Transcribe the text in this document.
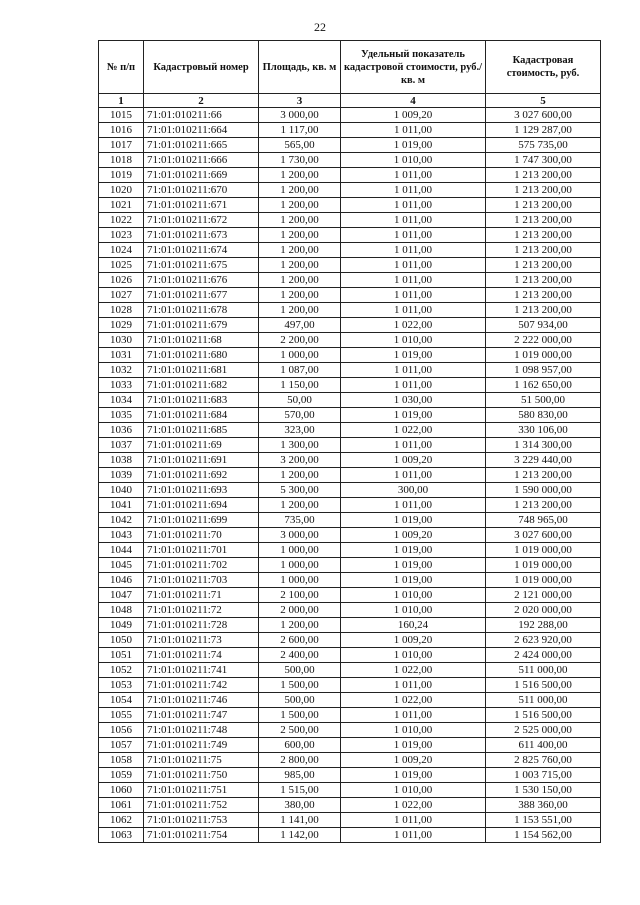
22
№ п/п	Кадастровый номер	Площадь, кв. м	Удельный показатель кадастровой стоимости, руб./кв. м	Кадастровая стоимость, руб.
1	2	3	4	5
1015	71:01:010211:66	3 000,00	1 009,20	3 027 600,00
1016	71:01:010211:664	1 117,00	1 011,00	1 129 287,00
1017	71:01:010211:665	565,00	1 019,00	575 735,00
1018	71:01:010211:666	1 730,00	1 010,00	1 747 300,00
1019	71:01:010211:669	1 200,00	1 011,00	1 213 200,00
1020	71:01:010211:670	1 200,00	1 011,00	1 213 200,00
1021	71:01:010211:671	1 200,00	1 011,00	1 213 200,00
1022	71:01:010211:672	1 200,00	1 011,00	1 213 200,00
1023	71:01:010211:673	1 200,00	1 011,00	1 213 200,00
1024	71:01:010211:674	1 200,00	1 011,00	1 213 200,00
1025	71:01:010211:675	1 200,00	1 011,00	1 213 200,00
1026	71:01:010211:676	1 200,00	1 011,00	1 213 200,00
1027	71:01:010211:677	1 200,00	1 011,00	1 213 200,00
1028	71:01:010211:678	1 200,00	1 011,00	1 213 200,00
1029	71:01:010211:679	497,00	1 022,00	507 934,00
1030	71:01:010211:68	2 200,00	1 010,00	2 222 000,00
1031	71:01:010211:680	1 000,00	1 019,00	1 019 000,00
1032	71:01:010211:681	1 087,00	1 011,00	1 098 957,00
1033	71:01:010211:682	1 150,00	1 011,00	1 162 650,00
1034	71:01:010211:683	50,00	1 030,00	51 500,00
1035	71:01:010211:684	570,00	1 019,00	580 830,00
1036	71:01:010211:685	323,00	1 022,00	330 106,00
1037	71:01:010211:69	1 300,00	1 011,00	1 314 300,00
1038	71:01:010211:691	3 200,00	1 009,20	3 229 440,00
1039	71:01:010211:692	1 200,00	1 011,00	1 213 200,00
1040	71:01:010211:693	5 300,00	300,00	1 590 000,00
1041	71:01:010211:694	1 200,00	1 011,00	1 213 200,00
1042	71:01:010211:699	735,00	1 019,00	748 965,00
1043	71:01:010211:70	3 000,00	1 009,20	3 027 600,00
1044	71:01:010211:701	1 000,00	1 019,00	1 019 000,00
1045	71:01:010211:702	1 000,00	1 019,00	1 019 000,00
1046	71:01:010211:703	1 000,00	1 019,00	1 019 000,00
1047	71:01:010211:71	2 100,00	1 010,00	2 121 000,00
1048	71:01:010211:72	2 000,00	1 010,00	2 020 000,00
1049	71:01:010211:728	1 200,00	160,24	192 288,00
1050	71:01:010211:73	2 600,00	1 009,20	2 623 920,00
1051	71:01:010211:74	2 400,00	1 010,00	2 424 000,00
1052	71:01:010211:741	500,00	1 022,00	511 000,00
1053	71:01:010211:742	1 500,00	1 011,00	1 516 500,00
1054	71:01:010211:746	500,00	1 022,00	511 000,00
1055	71:01:010211:747	1 500,00	1 011,00	1 516 500,00
1056	71:01:010211:748	2 500,00	1 010,00	2 525 000,00
1057	71:01:010211:749	600,00	1 019,00	611 400,00
1058	71:01:010211:75	2 800,00	1 009,20	2 825 760,00
1059	71:01:010211:750	985,00	1 019,00	1 003 715,00
1060	71:01:010211:751	1 515,00	1 010,00	1 530 150,00
1061	71:01:010211:752	380,00	1 022,00	388 360,00
1062	71:01:010211:753	1 141,00	1 011,00	1 153 551,00
1063	71:01:010211:754	1 142,00	1 011,00	1 154 562,00
